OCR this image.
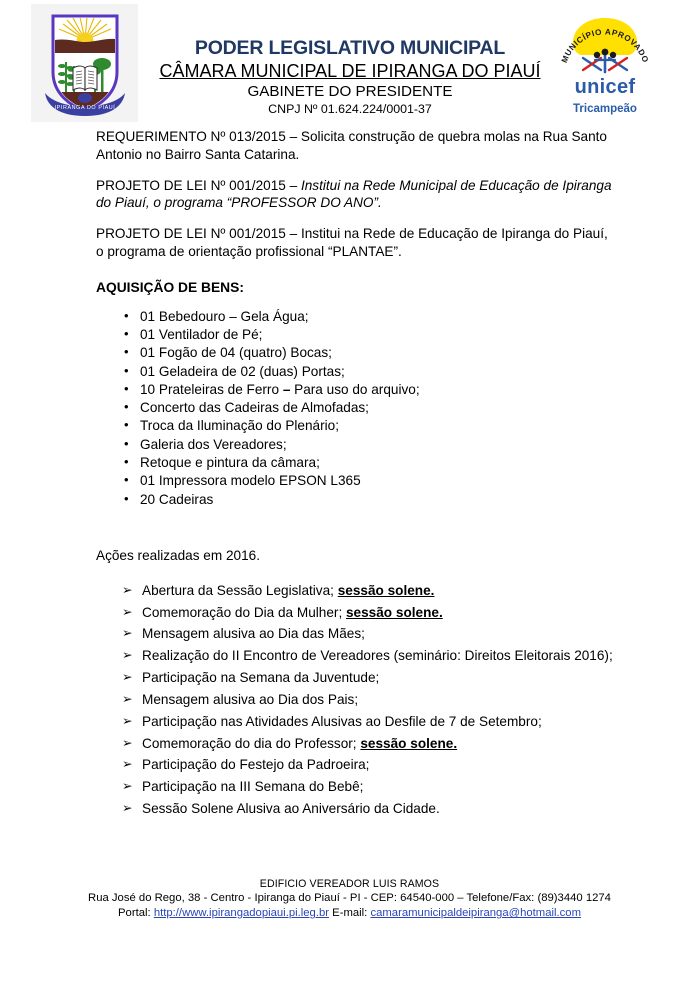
IPIRANGA DO PIAUÍ
PODER LEGISLATIVO MUNICIPAL
CÂMARA MUNICIPAL DE IPIRANGA DO PIAUÍ
GABINETE DO PRESIDENTE
CNPJ Nº 01.624.224/0001-37
MUNICÍPIO APROVADO
unicef
Tricampeão

REQUERIMENTO Nº 013/2015 – Solicita construção de quebra molas na Rua Santo Antonio no Bairro Santa Catarina.

PROJETO DE LEI Nº 001/2015 – Institui na Rede Municipal de Educação de Ipiranga do Piauí, o programa “PROFESSOR DO ANO”.

PROJETO DE LEI Nº 001/2015 – Institui na Rede de Educação de Ipiranga do Piauí, o programa de orientação profissional “PLANTAE”.

AQUISIÇÃO DE BENS:
• 01 Bebedouro – Gela Água;
• 01 Ventilador de Pé;
• 01 Fogão de 04 (quatro) Bocas;
• 01 Geladeira de 02 (duas) Portas;
• 10 Prateleiras de Ferro – Para uso do arquivo;
• Concerto das Cadeiras de Almofadas;
• Troca da Iluminação do Plenário;
• Galeria dos Vereadores;
• Retoque e pintura da câmara;
• 01 Impressora modelo EPSON L365
• 20 Cadeiras
Ações realizadas em 2016.
➢ Abertura da Sessão Legislativa; sessão solene.
➢ Comemoração do Dia da Mulher; sessão solene.
➢ Mensagem alusiva ao Dia das Mães;
➢ Realização do II Encontro de Vereadores (seminário: Direitos Eleitorais 2016);
➢ Participação na Semana da Juventude;
➢ Mensagem alusiva ao Dia dos Pais;
➢ Participação nas Atividades Alusivas ao Desfile de 7 de Setembro;
➢ Comemoração do dia do Professor; sessão solene.
➢ Participação do Festejo da Padroeira;
➢ Participação na III Semana do Bebê;
➢ Sessão Solene Alusiva ao Aniversário da Cidade.
EDIFICIO VEREADOR LUIS RAMOS
Rua José do Rego, 38 - Centro - Ipiranga do Piauí - PI - CEP: 64540-000 – Telefone/Fax: (89)3440 1274
Portal: http://www.ipirangadopiaui.pi.leg.br E-mail: camaramunicipaldeipiranga@hotmail.com
